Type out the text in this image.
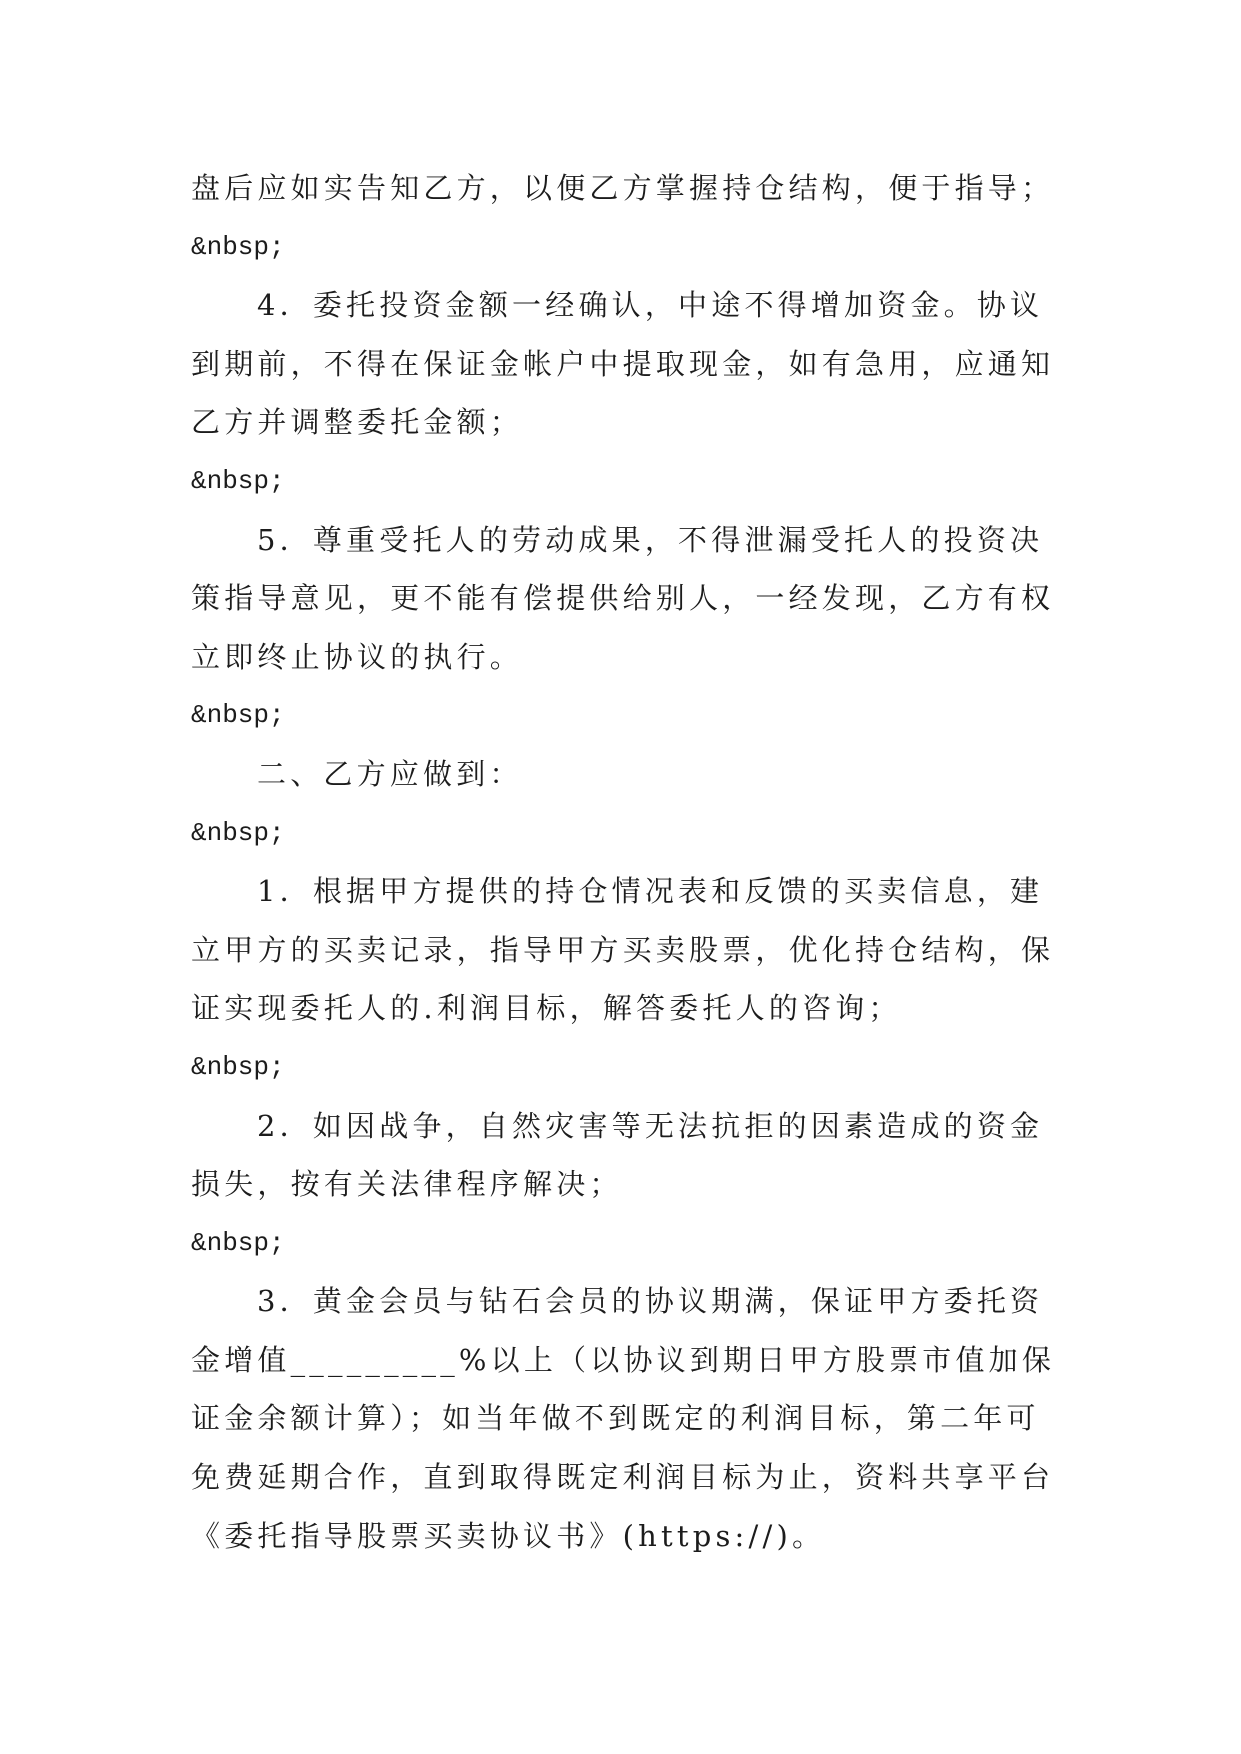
盘后应如实告知乙方，以便乙方掌握持仓结构，便于指导；
&nbsp;
4．委托投资金额一经确认，中途不得增加资金。协议
到期前，不得在保证金帐户中提取现金，如有急用，应通知
乙方并调整委托金额；
&nbsp;
5．尊重受托人的劳动成果，不得泄漏受托人的投资决
策指导意见，更不能有偿提供给别人，一经发现，乙方有权
立即终止协议的执行。
&nbsp;
二、乙方应做到：
&nbsp;
1．根据甲方提供的持仓情况表和反馈的买卖信息，建
立甲方的买卖记录，指导甲方买卖股票，优化持仓结构，保
证实现委托人的.利润目标，解答委托人的咨询；
&nbsp;
2．如因战争，自然灾害等无法抗拒的因素造成的资金
损失，按有关法律程序解决；
&nbsp;
3．黄金会员与钻石会员的协议期满，保证甲方委托资
金增值_________%以上（以协议到期日甲方股票市值加保
证金余额计算）；如当年做不到既定的利润目标，第二年可
免费延期合作，直到取得既定利润目标为止，资料共享平台
《委托指导股票买卖协议书》(https://)。
